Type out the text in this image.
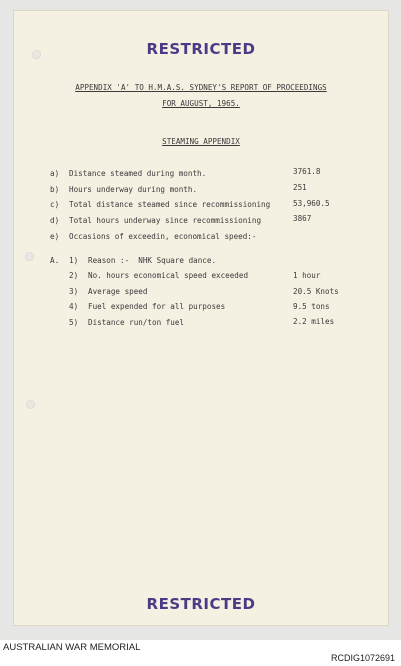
RESTRICTED
APPENDIX 'A' TO H.M.A.S. SYDNEY'S REPORT OF PROCEEDINGS
FOR AUGUST, 1965.
STEAMING APPENDIX
a) Distance steamed during month.	3761.8
b) Hours underway during month.	251
c) Total distance steamed since recommissioning	53,960.5
d) Total hours underway since recommissioning	3867
e) Occasions of exceedin, economical speed:-
A. 1) Reason :-  NHK Square dance.
2) No. hours economical speed exceeded	1 hour
3) Average speed	20.5 Knots
4) Fuel expended for all purposes	9.5 tons
5) Distance run/ton fuel	2.2 miles
RESTRICTED
AUSTRALIAN WAR MEMORIAL
RCDIG1072691
